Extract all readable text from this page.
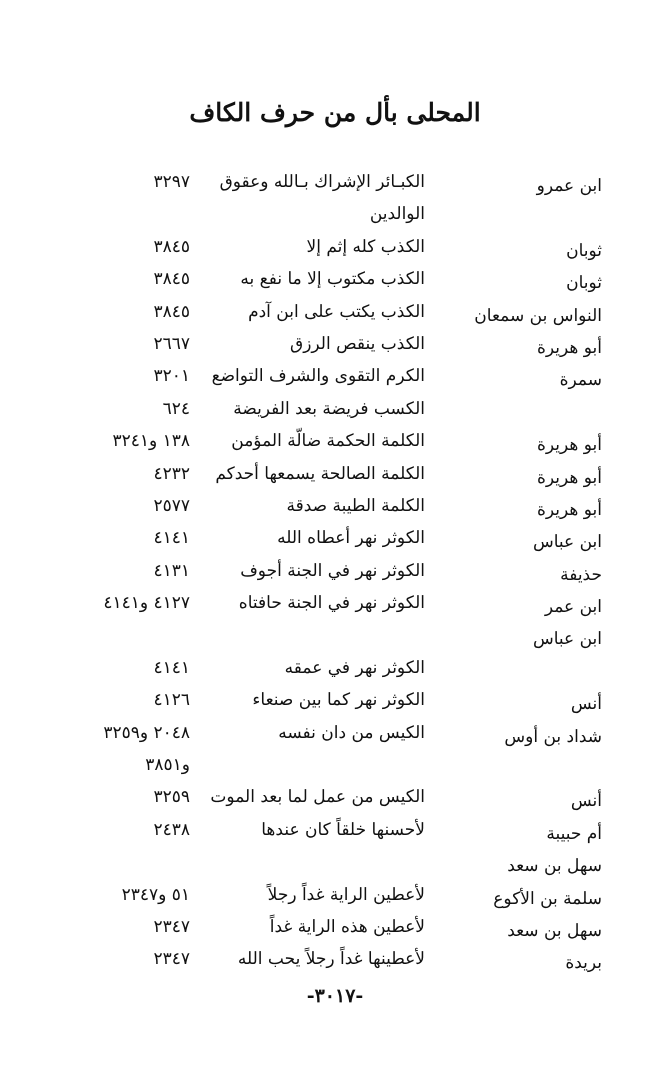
المحلى بأل من حرف الكاف
ابن عمرو
الكبـائر الإشراك بـالله وعقوق
٣٢٩٧
الوالدين
ثوبان
الكذب كله إثم إلا
٣٨٤٥
ثوبان
الكذب مكتوب إلا ما نفع به
٣٨٤٥
النواس بن سمعان
الكذب يكتب على ابن آدم
٣٨٤٥
أبو هريرة
الكذب ينقص الرزق
٢٦٦٧
سمرة
الكرم التقوى والشرف التواضع
٣٢٠١
الكسب فريضة بعد الفريضة
٦٢٤
أبو هريرة
الكلمة الحكمة ضالّة المؤمن
١٣٨ و٣٢٤١
أبو هريرة
الكلمة الصالحة يسمعها أحدكم
٤٢٣٢
أبو هريرة
الكلمة الطيبة صدقة
٢٥٧٧
ابن عباس
الكوثر نهر أعطاه الله
٤١٤١
حذيفة
الكوثر نهر في الجنة أجوف
٤١٣١
ابن عمر
الكوثر نهر في الجنة حافتاه
٤١٢٧ و٤١٤١
ابن عباس
الكوثر نهر في عمقه
٤١٤١
أنس
الكوثر نهر كما بين صنعاء
٤١٢٦
شداد بن أوس
الكيس من دان نفسه
٢٠٤٨ و٣٢٥٩
و٣٨٥١
أنس
الكيس من عمل لما بعد الموت
٣٢٥٩
أم حبيبة
لأحسنها خلقاً كان عندها
٢٤٣٨
سهل بن سعد
سلمة بن الأكوع
لأعطين الراية غداً رجلاً
٥١ و٢٣٤٧
سهل بن سعد
لأعطين هذه الراية غداً
٢٣٤٧
بريدة
لأعطينها غداً رجلاً يحب الله
٢٣٤٧
-٣٠١٧-
